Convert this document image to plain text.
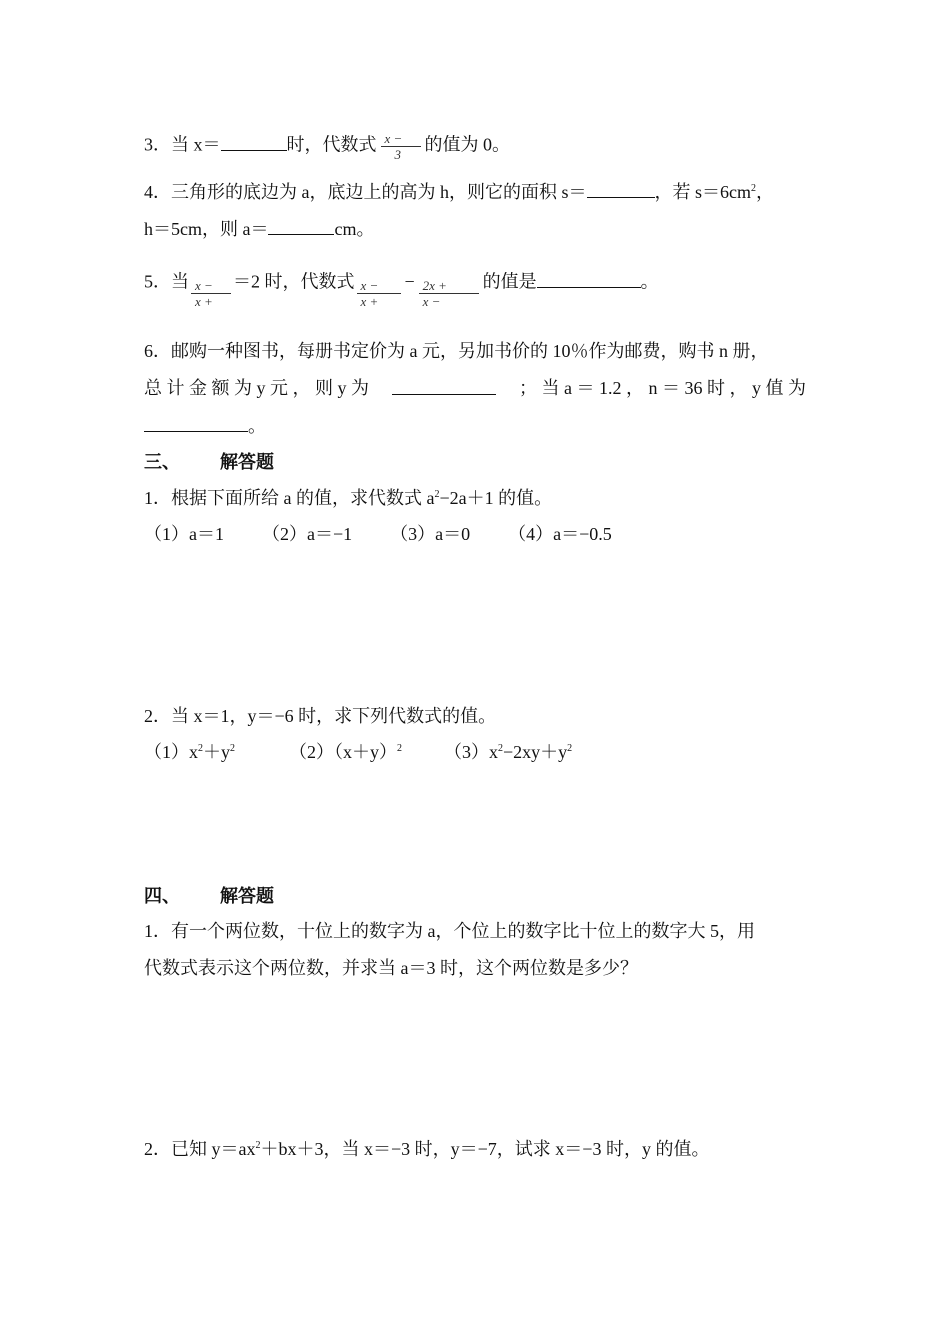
3．当 x＝	时，代数式 $\frac{x -}{3}$ 的值为 0。
4．三角形的底边为 a，底边上的高为 h，则它的面积 s＝	，若 $s=6cm^2$，
h＝5cm，则 a＝	cm。
5．当 $\frac{x -}{x +} =2$ 时，代数式 $\frac{x -}{x +} - \frac{2x +}{x -}$ 的值是	。
6．邮购一种图书，每册书定价为 a 元，另加书价的 10％作为邮费，购书 n 册，
总 计 金 额 为 y 元 ， 则 y 为	； 当 a ＝ 1.2 ， n ＝ 36 时 ， y 值 为
。
三、 解答题
1．根据下面所给 a 的值，求代数式 $a^2-2a+1$ 的值。
（1）a＝1 （2）a＝−1 （3）a＝0 （4）a＝−0.5
2．当 x＝1，y＝−6 时，求下列代数式的值。
$(1)x^2+y^2$	$(2)(x+y)^2$ $(3)x^2-2xy+y^2$
四、 解答题
1．有一个两位数，十位上的数字为 a，个位上的数字比十位上的数字大 5，用
代数式表示这个两位数，并求当 a＝3 时，这个两位数是多少？
2．已知 $y=ax^2+bx+3$，当 x＝−3 时，y＝−7，试求 x＝−3 时，y 的值。
